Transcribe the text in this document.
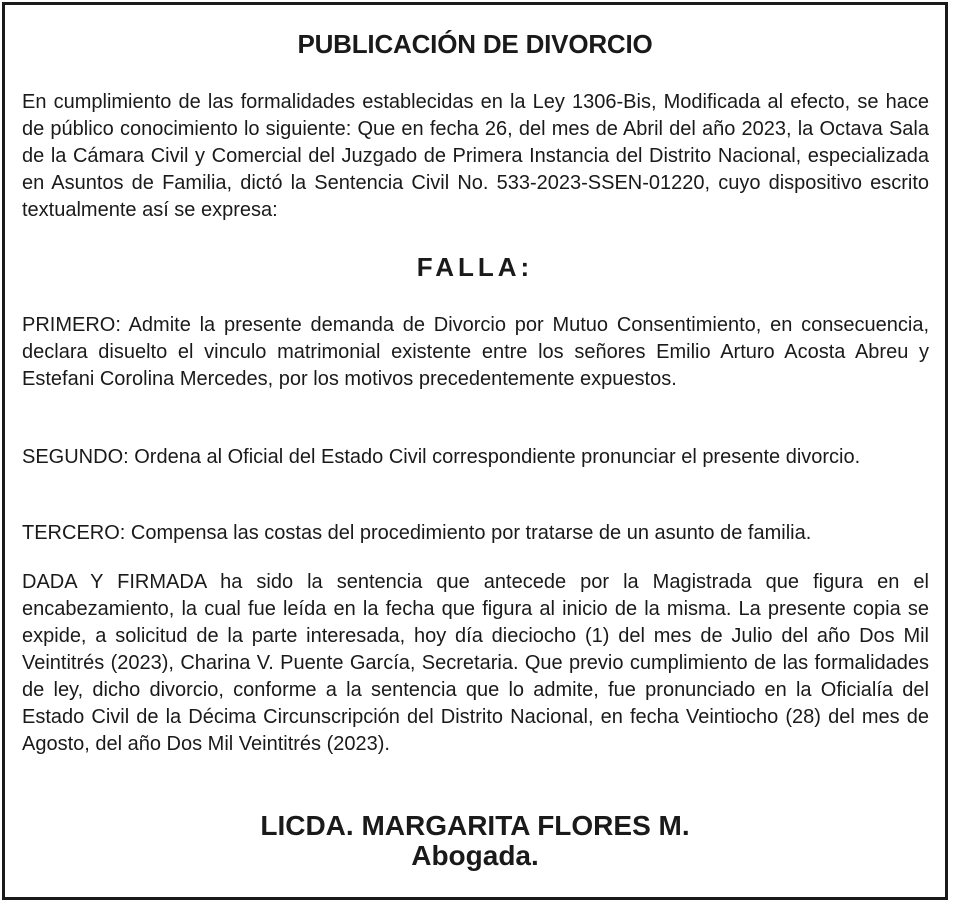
PUBLICACIÓN DE DIVORCIO

En cumplimiento de las formalidades establecidas en la Ley 1306-Bis, Modificada al efecto, se hace de público conocimiento lo siguiente: Que en fecha 26, del mes de Abril del año 2023, la Octava Sala de la Cámara Civil y Comercial del Juzgado de Primera Instancia del Distrito Nacional, especializada en Asuntos de Familia, dictó la Sentencia Civil No. 533-2023-SSEN-01220, cuyo dispositivo escrito textualmente así se expresa:

FALLA:

PRIMERO: Admite la presente demanda de Divorcio por Mutuo Consentimiento, en consecuencia, declara disuelto el vinculo matrimonial existente entre los señores Emilio Arturo Acosta Abreu y Estefani Corolina Mercedes, por los motivos precedentemente expuestos.

SEGUNDO: Ordena al Oficial del Estado Civil correspondiente pronunciar el presente divorcio.

TERCERO: Compensa las costas del procedimiento por tratarse de un asunto de familia.

DADA Y FIRMADA ha sido la sentencia que antecede por la Magistrada que figura en el encabezamiento, la cual fue leída en la fecha que figura al inicio de la misma. La presente copia se expide, a solicitud de la parte interesada, hoy día dieciocho (1) del mes de Julio del año Dos Mil Veintitrés (2023), Charina V. Puente García, Secretaria. Que previo cumplimiento de las formalidades de ley, dicho divorcio, conforme a la sentencia que lo admite, fue pronunciado en la Oficialía del Estado Civil de la Décima Circunscripción del Distrito Nacional, en fecha Veintiocho (28) del mes de Agosto, del año Dos Mil Veintitrés (2023).

LICDA. MARGARITA FLORES M.
Abogada.
